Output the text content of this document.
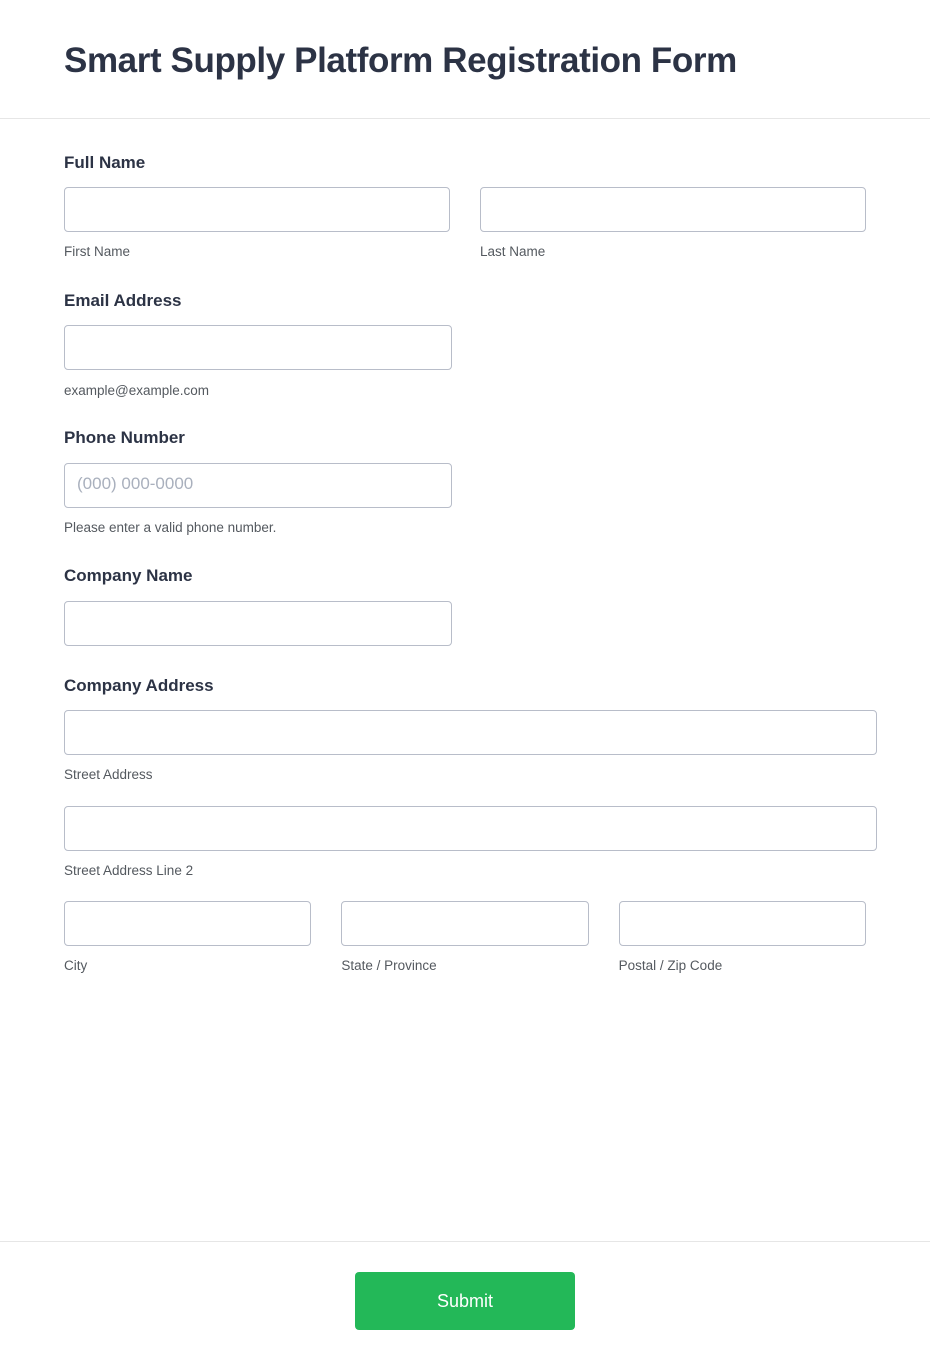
Smart Supply Platform Registration Form
Full Name
First Name	Last Name
Email Address
example@example.com
Phone Number
(000) 000-0000
Please enter a valid phone number.
Company Name
Company Address
Street Address
Street Address Line 2
City	State / Province	Postal / Zip Code
Submit
